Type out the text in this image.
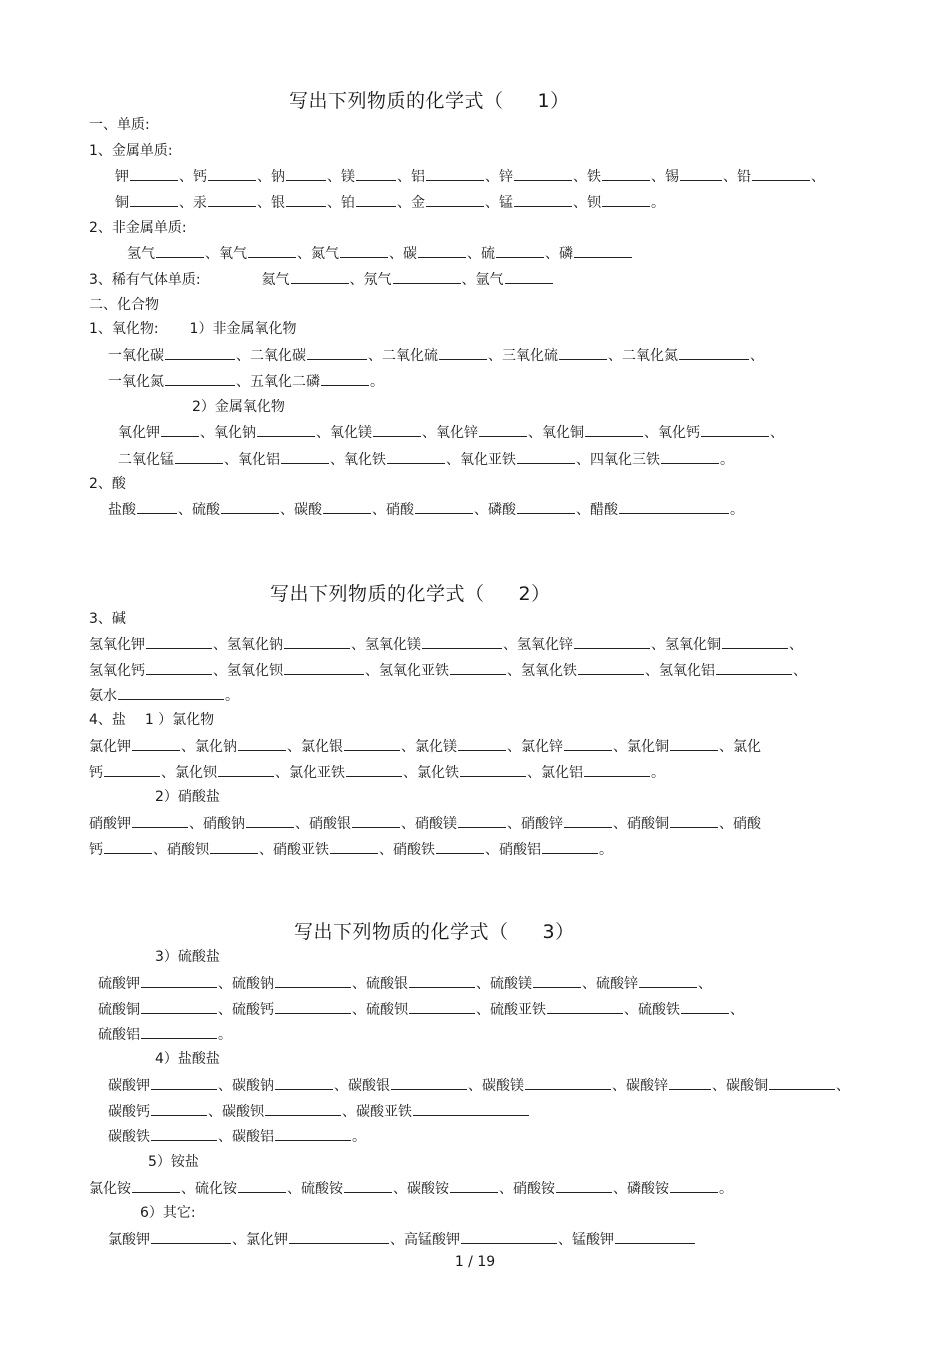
写出下列物质的化学式（ 1）
一、单质:
1、金属单质:
钾	、钙	、钠	、镁	、铝	、锌	、铁	、锡	、铅	、
铜	、汞	、银	、铂	、金	、锰	、钡	。
2、非金属单质:
氢气	、氧气	、氮气	、碳	、硫	、磷
3、稀有气体单质:	氦气	、氖气	、氩气
二、化合物
1、氧化物: 1）非金属氧化物
一氧化碳	、二氧化碳	、二氧化硫	、三氧化硫	、二氧化氮	、
一氧化氮	、五氧化二磷	。
2）金属氧化物
氧化钾	、氧化钠	、氧化镁	、氧化锌	、氧化铜	、氧化钙	、
二氧化锰	、氧化铝	、氧化铁	、氧化亚铁	、四氧化三铁	。
2、酸
盐酸	、硫酸	、碳酸	、硝酸	、磷酸	、醋酸	。
写出下列物质的化学式（ 2）
3、碱
氢氧化钾	、氢氧化钠	、氢氧化镁	、氢氧化锌	、氢氧化铜	、
氢氧化钙	、氢氧化钡	、氢氧化亚铁	、氢氧化铁	、氢氧化铝	、
氨水	。
4、盐 1 ）氯化物
氯化钾	、氯化钠	、氯化银	、氯化镁	、氯化锌	、氯化铜	、氯化
钙	、氯化钡	、氯化亚铁	、氯化铁	、氯化铝	。
2）硝酸盐
硝酸钾	、硝酸钠	、硝酸银	、硝酸镁	、硝酸锌	、硝酸铜	、硝酸
钙	、硝酸钡	、硝酸亚铁	、硝酸铁	、硝酸铝	。
写出下列物质的化学式（ 3）
3）硫酸盐
硫酸钾	、硫酸钠	、硫酸银	、硫酸镁	、硫酸锌	、
硫酸铜	、硫酸钙	、硫酸钡	、硫酸亚铁	、硫酸铁	、
硫酸铝	。
4）盐酸盐
碳酸钾	、碳酸钠	、碳酸银	、碳酸镁	、碳酸锌	、碳酸铜	、
碳酸钙	、碳酸钡	、碳酸亚铁
碳酸铁	、碳酸铝	。
5）铵盐
氯化铵	、硫化铵	、硫酸铵	、碳酸铵	、硝酸铵	、磷酸铵	。
6）其它:
氯酸钾	、氯化钾	、高锰酸钾	、锰酸钾
1 / 19
